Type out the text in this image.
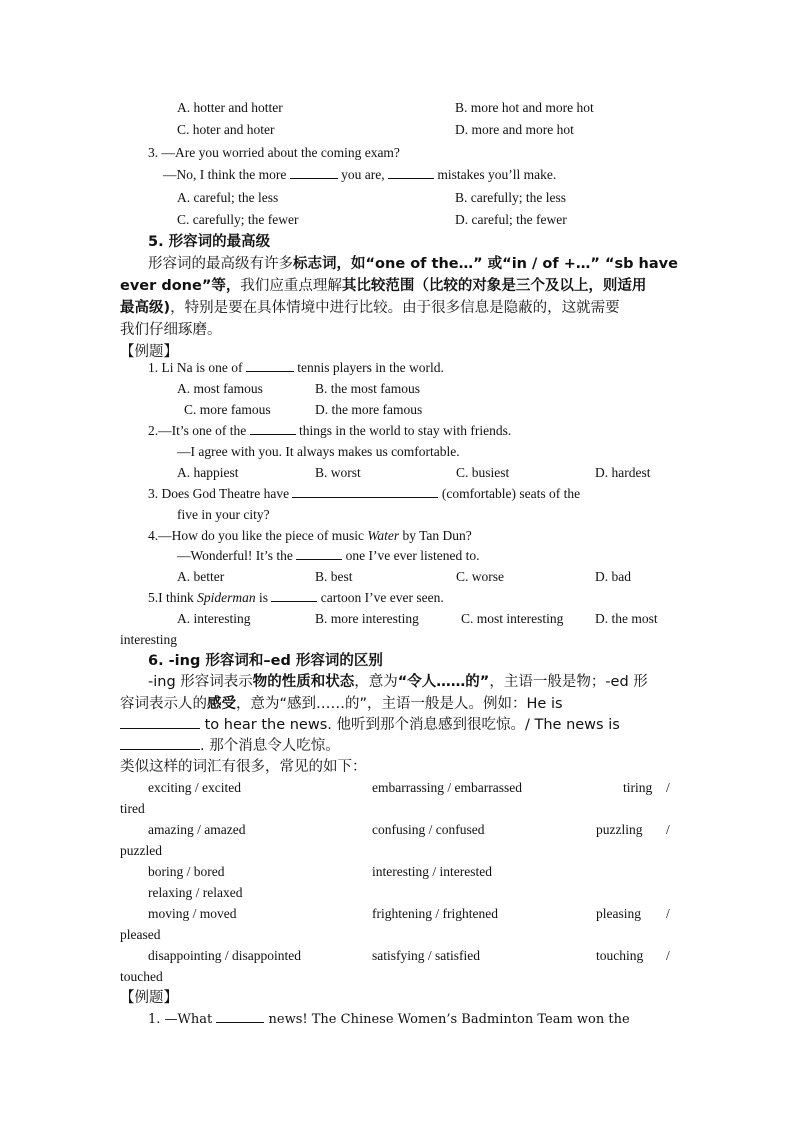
A. hotter and hotter	B. more hot and more hot
C. hoter and hoter	D. more and more hot
3. —Are you worried about the coming exam?
—No, I think the more	you are,	mistakes you’ll make.
A. careful; the less	B. carefully; the less
C. carefully; the fewer	D. careful; the fewer
5. 形容词的最高级
形容词的最高级有许多标志词，如“one of the…” 或“in / of +…” “sb have
ever done”等，我们应重点理解其比较范围（比较的对象是三个及以上，则适用
最高级)，特别是要在具体情境中进行比较。由于很多信息是隐蔽的，这就需要
我们仔细琢磨。
【例题】
1. Li Na is one of	tennis players in the world.
A. most famous	B. the most famous
C. more famous	D. the more famous
2.—It’s one of the	things in the world to stay with friends.
—I agree with you. It always makes us comfortable.
A. happiest	B. worst	C. busiest	D. hardest
3. Does God Theatre have	(comfortable) seats of the
five in your city?
4.—How do you like the piece of music Water by Tan Dun?
—Wonderful! It’s the	one I’ve ever listened to.
A. better	B. best	C. worse	D. bad
5.I think Spiderman is	cartoon I’ve ever seen.
A. interesting	B. more interesting	C. most interesting D. the most
interesting
6. -ing 形容词和–ed 形容词的区别
-ing 形容词表示物的性质和状态，意为“令人……的”，主语一般是物；-ed 形
容词表示人的感受，意为“感到……的”，主语一般是人。例如：He is
to hear the news. 他听到那个消息感到很吃惊。/ The news is
. 那个消息令人吃惊。
类似这样的词汇有很多，常见的如下：
exciting / excited	embarrassing / embarrassed	tiring /
tired
amazing / amazed	confusing / confused	puzzling /
puzzled
boring / bored	interesting / interested
relaxing / relaxed
moving / moved	frightening / frightened	pleasing /
pleased
disappointing / disappointed	satisfying / satisfied	touching /
touched
【例题】
1. —What	news! The Chinese Women’s Badminton Team won the
